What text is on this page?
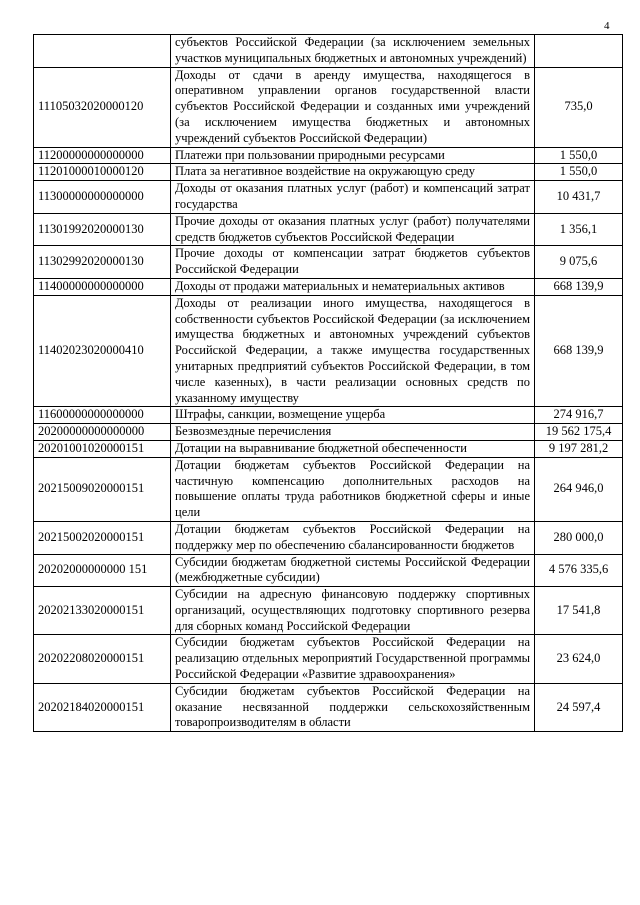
4
	субъектов Российской Федерации (за исключением земельных участков муниципальных бюджетных и автономных учреждений)	
11105032020000120	Доходы от сдачи в аренду имущества, находящегося в оперативном управлении органов государственной власти субъектов Российской Федерации и созданных ими учреждений (за исключением имущества бюджетных и автономных учреждений субъектов Российской Федерации)	735,0
11200000000000000	Платежи при пользовании природными ресурсами	1 550,0
11201000010000120	Плата за негативное воздействие на окружающую среду	1 550,0
11300000000000000	Доходы от оказания платных услуг (работ) и компенсаций затрат государства	10 431,7
11301992020000130	Прочие доходы от оказания платных услуг (работ) получателями средств бюджетов субъектов Российской Федерации	1 356,1
11302992020000130	Прочие доходы от компенсации затрат бюджетов субъектов Российской Федерации	9 075,6
11400000000000000	Доходы от продажи материальных и нематериальных активов	668 139,9
11402023020000410	Доходы от реализации иного имущества, находящегося в собственности субъектов Российской Федерации (за исключением имущества бюджетных и автономных учреждений субъектов Российской Федерации, а также имущества государственных унитарных предприятий субъектов Российской Федерации, в том числе казенных), в части реализации основных средств по указанному имуществу	668 139,9
11600000000000000	Штрафы, санкции, возмещение ущерба	274 916,7
20200000000000000	Безвозмездные перечисления	19 562 175,4
20201001020000151	Дотации на выравнивание бюджетной обеспеченности	9 197 281,2
20215009020000151	Дотации бюджетам субъектов Российской Федерации на частичную компенсацию дополнительных расходов на повышение оплаты труда работников бюджетной сферы и иные цели	264 946,0
20215002020000151	Дотации бюджетам субъектов Российской Федерации на поддержку мер по обеспечению сбалансированности бюджетов	280 000,0
20202000000000 151	Субсидии бюджетам бюджетной системы Российской Федерации (межбюджетные субсидии)	4 576 335,6
20202133020000151	Субсидии на адресную финансовую поддержку спортивных организаций, осуществляющих подготовку спортивного резерва для сборных команд Российской Федерации	17 541,8
20202208020000151	Субсидии бюджетам субъектов Российской Федерации на реализацию отдельных мероприятий Государственной программы Российской Федерации «Развитие здравоохранения»	23 624,0
20202184020000151	Субсидии бюджетам субъектов Российской Федерации на оказание несвязанной поддержки сельскохозяйственным товаропроизводителям в области	24 597,4
